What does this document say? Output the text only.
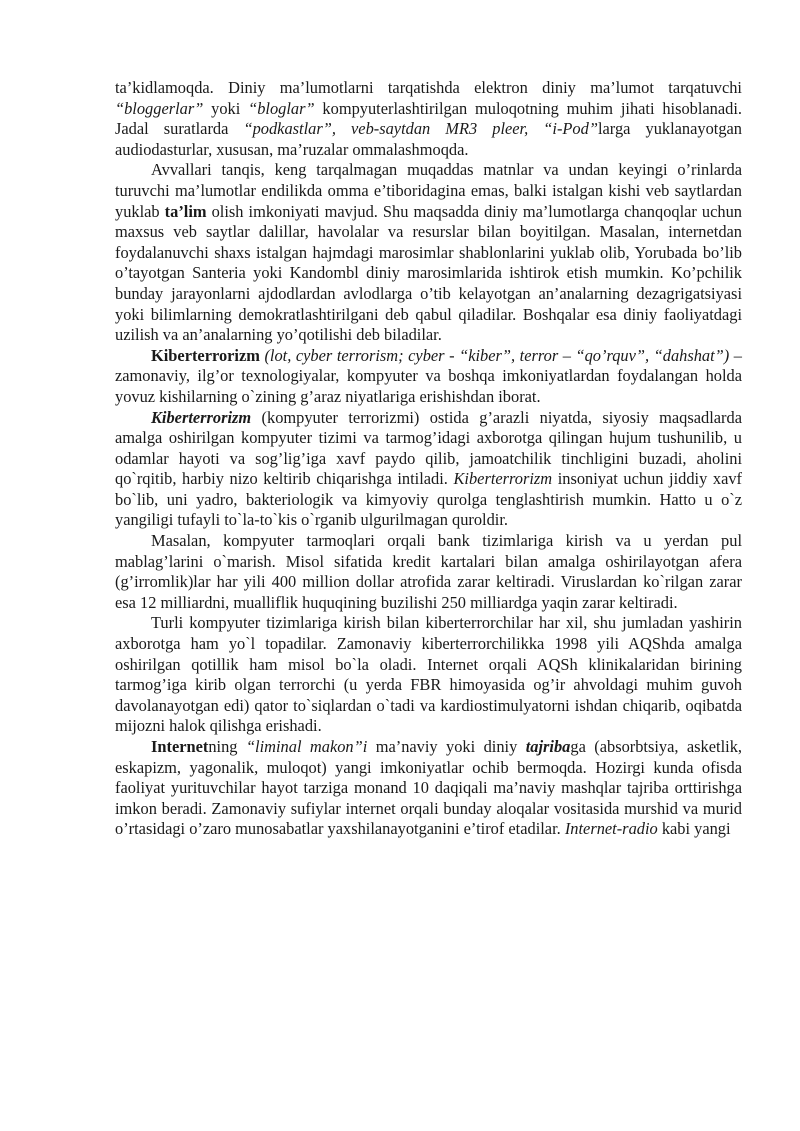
ta’kidlamoqda. Diniy ma’lumotlarni tarqatishda elektron diniy ma’lumot tarqatuvchi “bloggerlar” yoki “bloglar” kompyuterlashtirilgan muloqotning muhim jihati hisoblanadi. Jadal suratlarda “podkastlar”, veb-saytdan MR3 pleer, “i-Pod”larga yuklanayotgan audiodasturlar, xususan, ma’ruzalar ommalashmoqda.

Avvallari tanqis, keng tarqalmagan muqaddas matnlar va undan keyingi o’rinlarda turuvchi ma’lumotlar endilikda omma e’tiboridagina emas, balki istalgan kishi veb saytlardan yuklab ta’lim olish imkoniyati mavjud. Shu maqsadda diniy ma’lumotlarga chanqoqlar uchun maxsus veb saytlar dalillar, havolalar va resurslar bilan boyitilgan. Masalan, internetdan foydalanuvchi shaxs istalgan hajmdagi marosimlar shablonlarini yuklab olib, Yorubada bo’lib o’tayotgan Santeria yoki Kandombl diniy marosimlarida ishtirok etish mumkin. Ko’pchilik bunday jarayonlarni ajdodlardan avlodlarga o’tib kelayotgan an’analarning dezagrigatsiyasi yoki bilimlarning demokratlashtirilgani deb qabul qiladilar. Boshqalar esa diniy faoliyatdagi uzilish va an’analarning yo’qotilishi deb biladilar.

Kiberterrorizm (lot, cyber terrorism; cyber - “kiber”, terror – “qo’rquv”, “dahshat”) – zamonaviy, ilg’or texnologiyalar, kompyuter va boshqa imkoniyatlardan foydalangan holda yovuz kishilarning o`zining g’araz niyatlariga erishishdan iborat.

Kiberterrorizm (kompyuter terrorizmi) ostida g’arazli niyatda, siyosiy maqsadlarda amalga oshirilgan kompyuter tizimi va tarmog’idagi axborotga qilingan hujum tushunilib, u odamlar hayoti va sog’lig’iga xavf paydo qilib, jamoatchilik tinchligini buzadi, aholini qo`rqitib, harbiy nizo keltirib chiqarishga intiladi. Kiberterrorizm insoniyat uchun jiddiy xavf bo`lib, uni yadro, bakteriologik va kimyoviy qurolga tenglashtirish mumkin. Hatto u o`z yangiligi tufayli to`la-to`kis o`rganib ulgurilmagan quroldir.

Masalan, kompyuter tarmoqlari orqali bank tizimlariga kirish va u yerdan pul mablag’larini o`marish. Misol sifatida kredit kartalari bilan amalga oshirilayotgan afera (g’irromlik)lar har yili 400 million dollar atrofida zarar keltiradi. Viruslardan ko`rilgan zarar esa 12 milliardni, mualliflik huquqining buzilishi 250 milliardga yaqin zarar keltiradi.

Turli kompyuter tizimlariga kirish bilan kiberterrorchilar har xil, shu jumladan yashirin axborotga ham yo`l topadilar. Zamonaviy kiberterrorchilikka 1998 yili AQShda amalga oshirilgan qotillik ham misol bo`la oladi. Internet orqali AQSh klinikalaridan birining tarmog’iga kirib olgan terrorchi (u yerda FBR himoyasida og’ir ahvoldagi muhim guvoh davolanayotgan edi) qator to`siqlardan o`tadi va kardiostimulyatorni ishdan chiqarib, oqibatda mijozni halok qilishga erishadi.

Internetning “liminal makon”i ma’naviy yoki diniy tajribaga (absorbtsiya, asketlik, eskapizm, yagonalik, muloqot) yangi imkoniyatlar ochib bermoqda. Hozirgi kunda ofisda faoliyat yurituvchilar hayot tarziga monand 10 daqiqali ma’naviy mashqlar tajriba orttirishga imkon beradi. Zamonaviy sufiylar internet orqali bunday aloqalar vositasida murshid va murid o’rtasidagi o’zaro munosabatlar yaxshilanayotganini e’tirof etadilar. Internet-radio kabi yangi
